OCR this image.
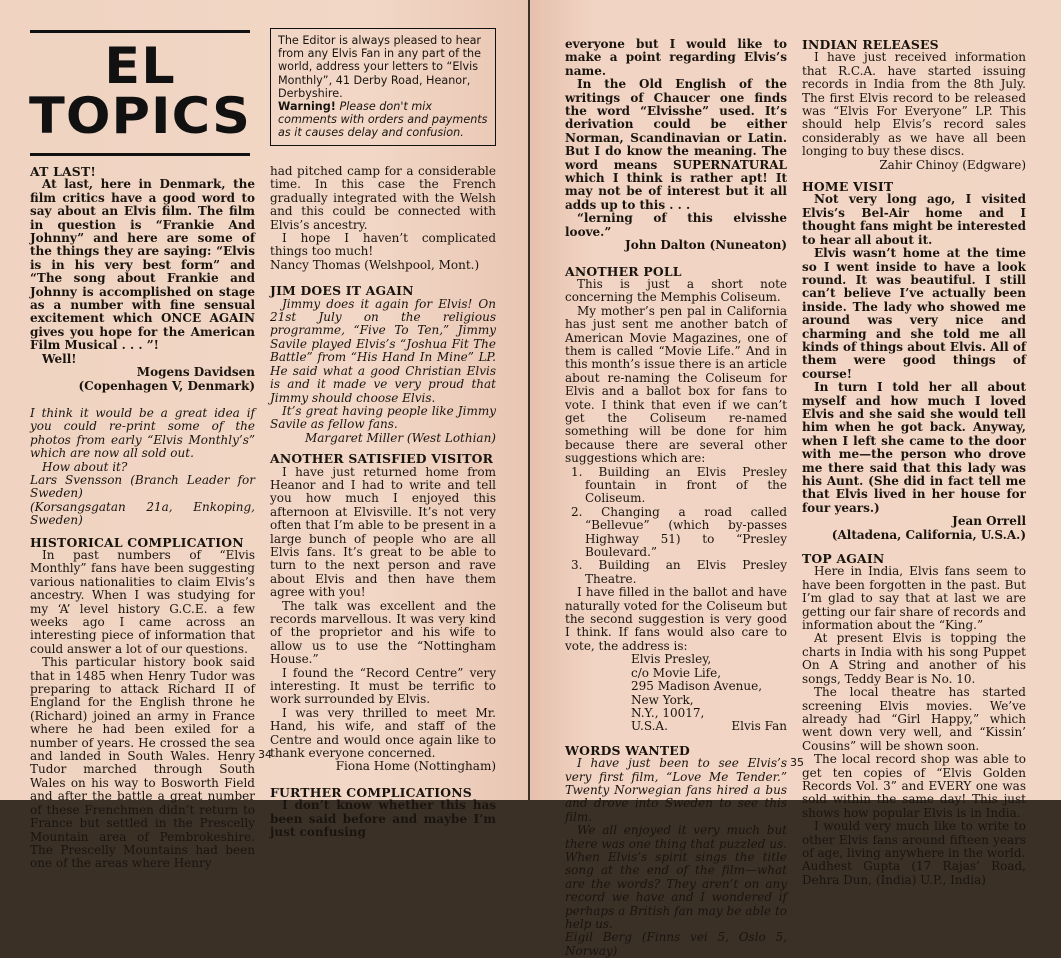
EL
TOPICS

The Editor is always pleased to hear from any Elvis Fan in any part of the world, address your letters to “Elvis Monthly”, 41 Derby Road, Heanor, Derbyshire.

Warning! Please don't mix comments with orders and payments as it causes delay and confusion.

AT LAST!

At last, here in Denmark, the film critics have a good word to say about an Elvis film. The film in question is “Frankie And Johnny” and here are some of the things they are saying: “Elvis is in his very best form” and “The song about Frankie and Johnny is accomplished on stage as a number with fine sensual excitement which ONCE AGAIN gives you hope for the American Film Musical . . . ”!

Well!

Mogens Davidsen

(Copenhagen V, Denmark)

I think it would be a great idea if you could re-print some of the photos from early “Elvis Monthly’s” which are now all sold out.

How about it?

Lars Svensson (Branch Leader for Sweden)

(Korsangsgatan 21a, Enkoping, Sweden)

HISTORICAL COMPLICATION

In past numbers of “Elvis Monthly” fans have been suggesting various nationalities to claim Elvis’s ancestry. When I was studying for my ‘A’ level history G.C.E. a few weeks ago I came across an interesting piece of information that could answer a lot of our questions.

This particular history book said that in 1485 when Henry Tudor was preparing to attack Richard II of England for the English throne he (Richard) joined an army in France where he had been exiled for a number of years. He crossed the sea and landed in South Wales. Henry Tudor marched through South Wales on his way to Bosworth Field and after the battle a great number of these Frenchmen didn’t return to France but settled in the Prescelly Mountain area of Pembrokeshire. The Prescelly Mountains had been one of the areas where Henry

had pitched camp for a considerable time. In this case the French gradually integrated with the Welsh and this could be connected with Elvis’s ancestry.

I hope I haven’t complicated things too much!

Nancy Thomas (Welshpool, Mont.)

JIM DOES IT AGAIN

Jimmy does it again for Elvis! On 21st July on the religious programme, “Five To Ten,” Jimmy Savile played Elvis’s “Joshua Fit The Battle” from “His Hand In Mine” LP. He said what a good Christian Elvis is and it made ve very proud that Jimmy should choose Elvis.

It’s great having people like Jimmy Savile as fellow fans.

Margaret Miller (West Lothian)

ANOTHER SATISFIED VISITOR

I have just returned home from Heanor and I had to write and tell you how much I enjoyed this afternoon at Elvisville. It’s not very often that I’m able to be present in a large bunch of people who are all Elvis fans. It’s great to be able to turn to the next person and rave about Elvis and then have them agree with you!

The talk was excellent and the records marvellous. It was very kind of the proprietor and his wife to allow us to use the “Nottingham House.”

I found the “Record Centre” very interesting. It must be terrific to work surrounded by Elvis.

I was very thrilled to meet Mr. Hand, his wife, and staff of the Centre and would once again like to thank everyone concerned.

Fiona Home (Nottingham)

FURTHER COMPLICATIONS

I don’t know whether this has been said before and maybe I’m just confusing

34

everyone but I would like to make a point regarding Elvis’s name.

In the Old English of the writings of Chaucer one finds the word “Elvisshe” used. It’s derivation could be either Norman, Scandinavian or Latin. But I do know the meaning. The word means SUPERNATURAL which I think is rather apt! It may not be of interest but it all adds up to this . . .

“lerning of this elvisshe loove.”

John Dalton (Nuneaton)

ANOTHER POLL

This is just a short note concerning the Memphis Coliseum.

My mother’s pen pal in California has just sent me another batch of American Movie Magazines, one of them is called “Movie Life.” And in this month’s issue there is an article about re-naming the Coliseum for Elvis and a ballot box for fans to vote. I think that even if we can’t get the Coliseum re-named something will be done for him because there are several other suggestions which are:

1. Building an Elvis Presley fountain in front of the Coliseum.

2. Changing a road called “Bellevue” (which by-passes Highway 51) to “Presley Boulevard.”

3. Building an Elvis Presley Theatre.

I have filled in the ballot and have naturally voted for the Coliseum but the second suggestion is very good I think. If fans would also care to vote, the address is:

Elvis Presley,

c/o Movie Life,

295 Madison Avenue,

New York,

N.Y., 10017,

U.S.A.	Elvis Fan

WORDS WANTED

I have just been to see Elvis’s very first film, “Love Me Tender.” Twenty Norwegian fans hired a bus and drove into Sweden to see this film.

We all enjoyed it very much but there was one thing that puzzled us. When Elvis’s spirit sings the title song at the end of the film—what are the words? They aren’t on any record we have and I wondered if perhaps a British fan may be able to help us.

Eigil Berg (Finns vei 5, Oslo 5, Norway)

INDIAN RELEASES

I have just received information that R.C.A. have started issuing records in India from the 8th July. The first Elvis record to be released was “Elvis For Everyone” LP. This should help Elvis’s record sales considerably as we have all been longing to buy these discs.

Zahir Chinoy (Edgware)

HOME VISIT

Not very long ago, I visited Elvis’s Bel-Air home and I thought fans might be interested to hear all about it.

Elvis wasn’t home at the time so I went inside to have a look round. It was beautiful. I still can’t believe I’ve actually been inside. The lady who showed me around was very nice and charming and she told me all kinds of things about Elvis. All of them were good things of course!

In turn I told her all about myself and how much I loved Elvis and she said she would tell him when he got back. Anyway, when I left she came to the door with me—the person who drove me there said that this lady was his Aunt. (She did in fact tell me that Elvis lived in her house for four years.)

Jean Orrell

(Altadena, California, U.S.A.)

TOP AGAIN

Here in India, Elvis fans seem to have been forgotten in the past. But I’m glad to say that at last we are getting our fair share of records and information about the “King.”

At present Elvis is topping the charts in India with his song Puppet On A String and another of his songs, Teddy Bear is No. 10.

The local theatre has started screening Elvis movies. We’ve already had “Girl Happy,” which went down very well, and “Kissin’ Cousins” will be shown soon.

The local record shop was able to get ten copies of “Elvis Golden Records Vol. 3” and EVERY one was sold within the same day! This just shows how popular Elvis is in India.

I would very much like to write to other Elvis fans around fifteen years of age, living anywhere in the world.

Audhest Gupta (17 Rajas’ Road, Dehra Dun, (India) U.P., India)

35
